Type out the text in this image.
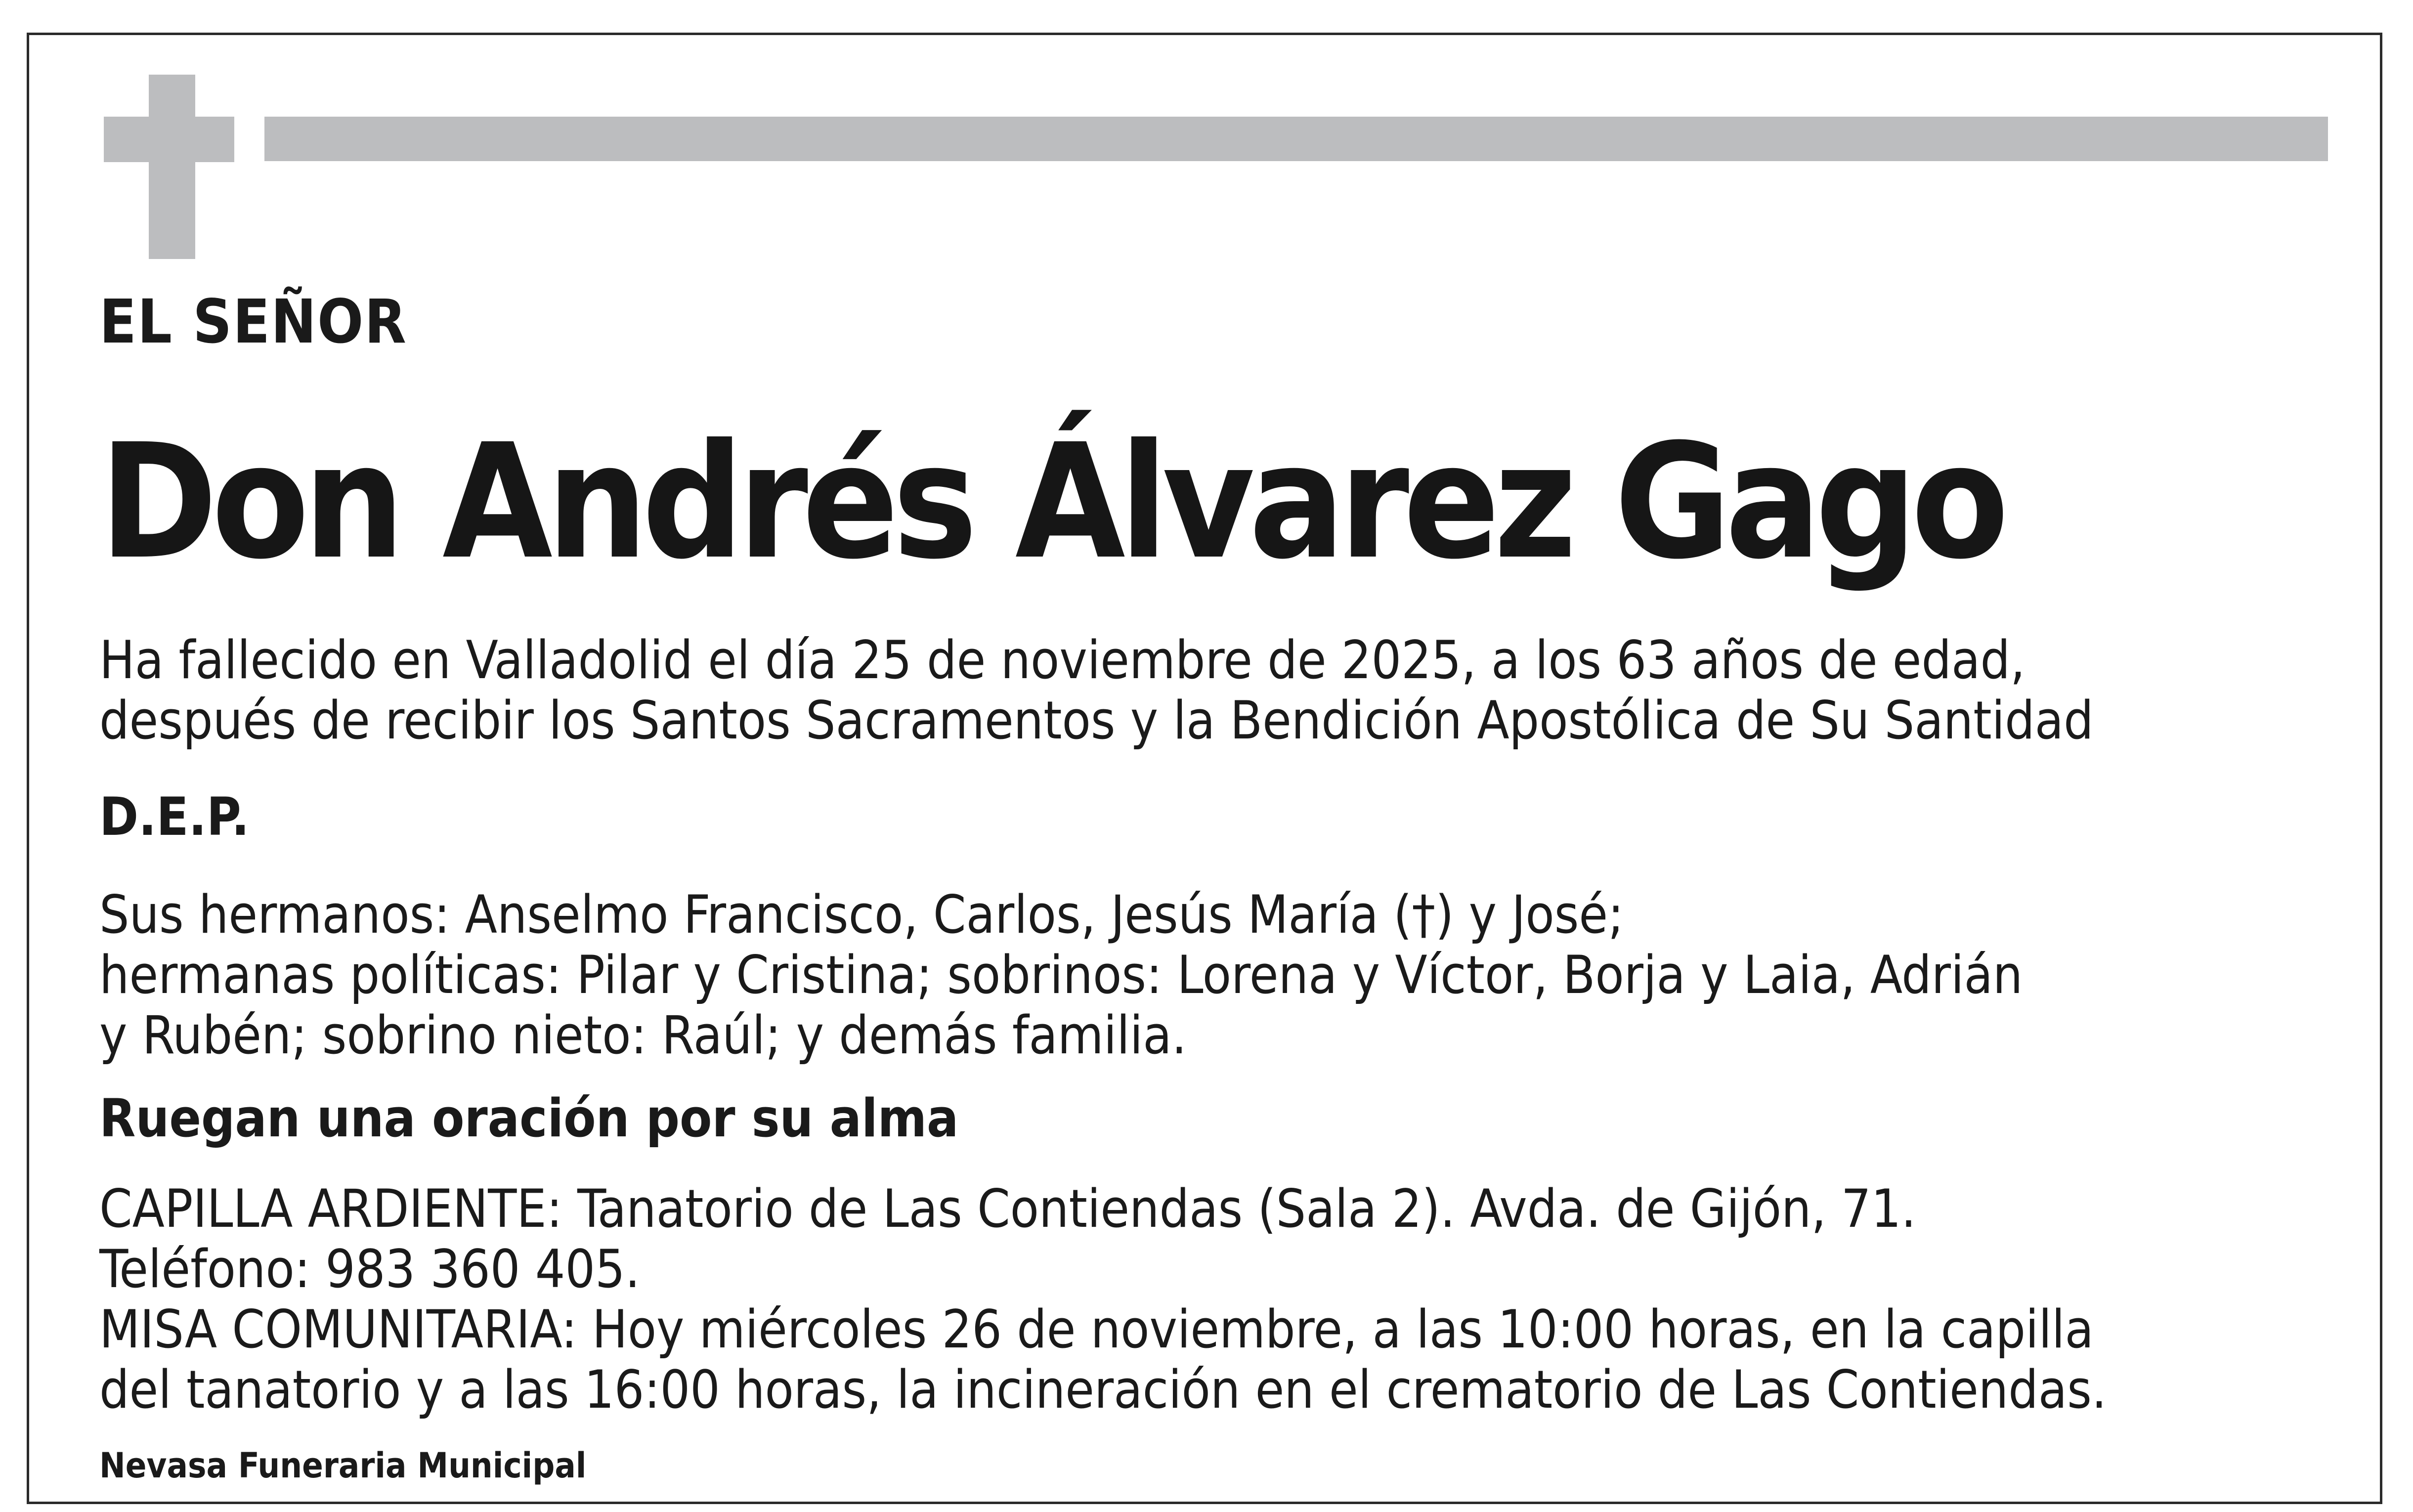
EL SEÑOR

Don Andrés Álvarez Gago

Ha fallecido en Valladolid el día 25 de noviembre de 2025, a los 63 años de edad,
después de recibir los Santos Sacramentos y la Bendición Apostólica de Su Santidad

D.E.P.

Sus hermanos: Anselmo Francisco, Carlos, Jesús María (†) y José;
hermanas políticas: Pilar y Cristina; sobrinos: Lorena y Víctor, Borja y Laia, Adrián
y Rubén; sobrino nieto: Raúl; y demás familia.

Ruegan una oración por su alma

CAPILLA ARDIENTE: Tanatorio de Las Contiendas (Sala 2). Avda. de Gijón, 71.
Teléfono: 983 360 405.
MISA COMUNITARIA: Hoy miércoles 26 de noviembre, a las 10:00 horas, en la capilla
del tanatorio y a las 16:00 horas, la incineración en el crematorio de Las Contiendas.

Nevasa Funeraria Municipal
